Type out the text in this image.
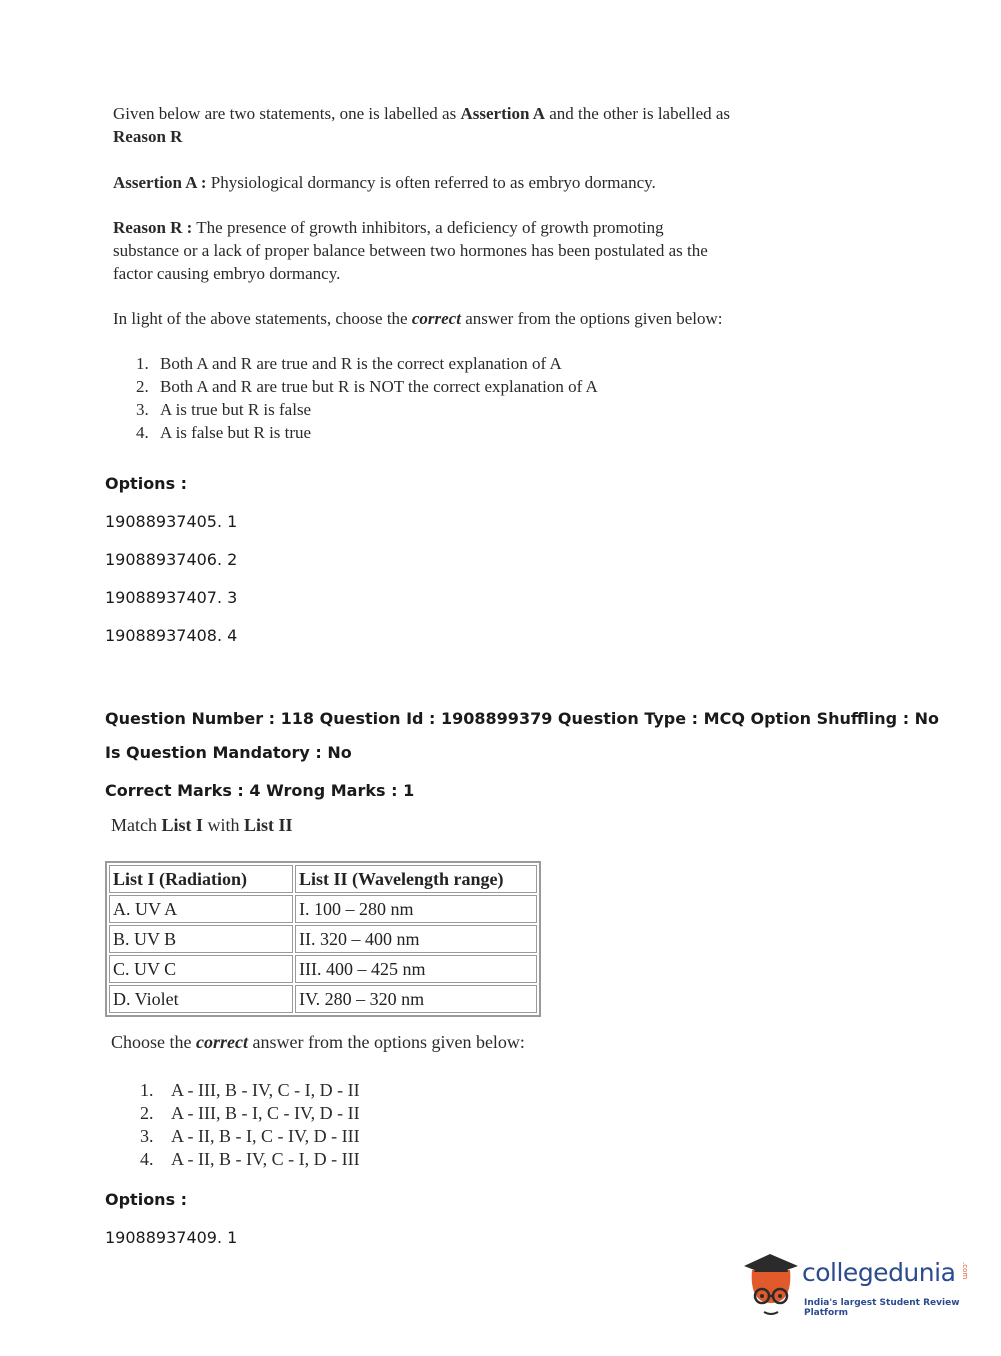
Given below are two statements, one is labelled as Assertion A and the other is labelled as
Reason R

Assertion A : Physiological dormancy is often referred to as embryo dormancy.

Reason R : The presence of growth inhibitors, a deficiency of growth promoting substance or a lack of proper balance between two hormones has been postulated as the factor causing embryo dormancy.

In light of the above statements, choose the correct answer from the options given below:

1. Both A and R are true and R is the correct explanation of A
2. Both A and R are true but R is NOT the correct explanation of A
3. A is true but R is false
4. A is false but R is true
Options :
19088937405. 1
19088937406. 2
19088937407. 3
19088937408. 4
Question Number : 118 Question Id : 1908899379 Question Type : MCQ Option Shuffling : No
Is Question Mandatory : No
Correct Marks : 4 Wrong Marks : 1
Match List I with List II
List I (Radiation)	List II (Wavelength range)
A. UV A	I. 100 – 280 nm
B. UV B	II. 320 – 400 nm
C. UV C	III. 400 – 425 nm
D. Violet	IV. 280 – 320 nm
Choose the correct answer from the options given below:
1. A - III, B - IV, C - I, D - II
2. A - III, B - I, C - IV, D - II
3. A - II, B - I, C - IV, D - III
4. A - II, B - IV, C - I, D - III
Options :
19088937409. 1
collegedunia .com
India's largest Student Review Platform
